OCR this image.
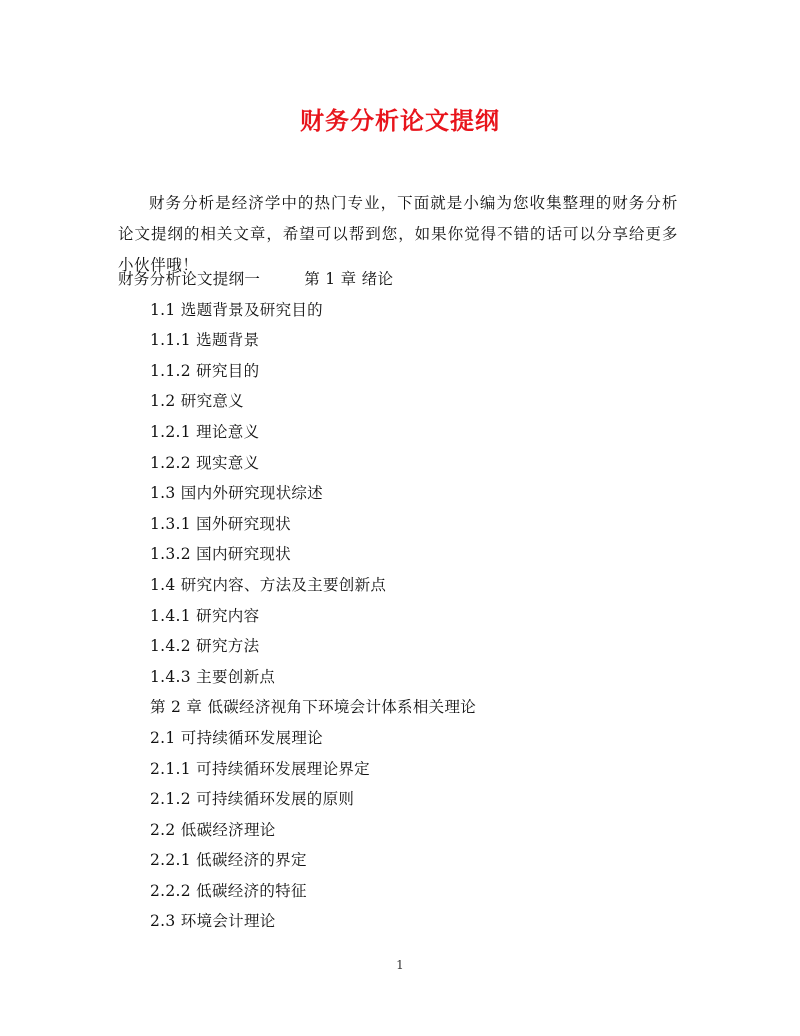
财务分析论文提纲

财务分析是经济学中的热门专业，下面就是小编为您收集整理的财务分析论文提纲的相关文章，希望可以帮到您，如果你觉得不错的话可以分享给更多小伙伴哦！

财务分析论文提纲一	第 1 章 绪论
1.1 选题背景及研究目的
1.1.1 选题背景
1.1.2 研究目的
1.2 研究意义
1.2.1 理论意义
1.2.2 现实意义
1.3 国内外研究现状综述
1.3.1 国外研究现状
1.3.2 国内研究现状
1.4 研究内容、方法及主要创新点
1.4.1 研究内容
1.4.2 研究方法
1.4.3 主要创新点
第 2 章 低碳经济视角下环境会计体系相关理论
2.1 可持续循环发展理论
2.1.1 可持续循环发展理论界定
2.1.2 可持续循环发展的原则
2.2 低碳经济理论
2.2.1 低碳经济的界定
2.2.2 低碳经济的特征
2.3 环境会计理论
1
